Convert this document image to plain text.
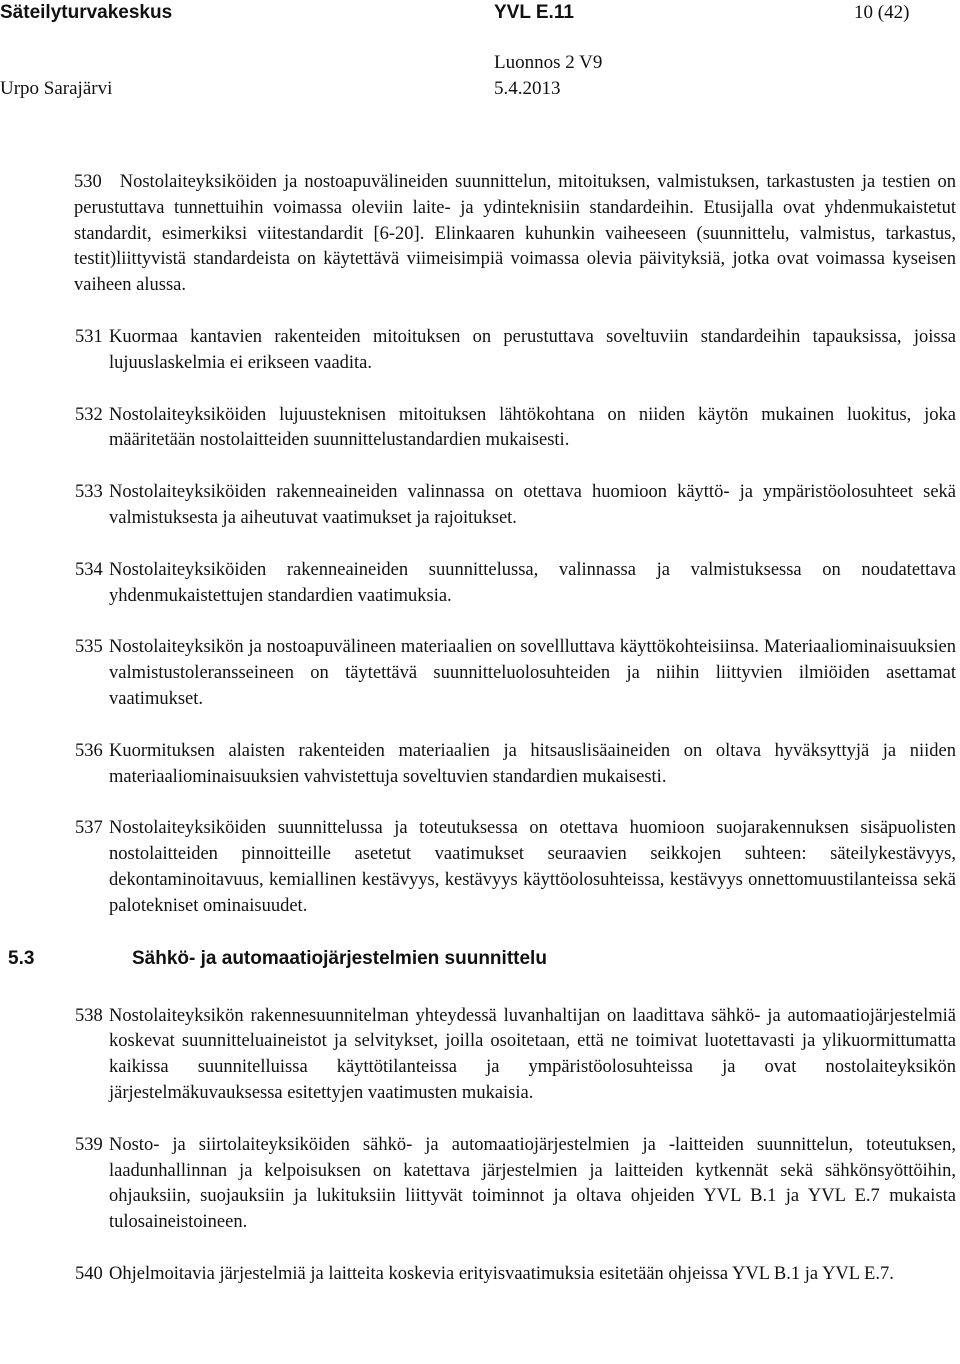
Säteilyturvakeskus	YVL E.11	10 (42)
Luonnos 2 V9
Urpo Sarajärvi	5.4.2013
530 Nostolaiteyksiköiden ja nostoapuvälineiden suunnittelun, mitoituksen, valmistuksen, tarkastusten ja testien on perustuttava tunnettuihin voimassa oleviin laite- ja ydinteknisiin standardeihin. Etusijalla ovat yhdenmukaistetut standardit, esimerkiksi viitestandardit [6-20]. Elinkaaren kuhunkin vaiheeseen (suunnittelu, valmistus, tarkastus, testit)liittyvistä standardeista on käytettävä viimeisimpiä voimassa olevia päivityksiä, jotka ovat voimassa kyseisen vaiheen alussa.
531 Kuormaa kantavien rakenteiden mitoituksen on perustuttava soveltuviin standardeihin tapauksissa, joissa lujuuslaskelmia ei erikseen vaadita.
532 Nostolaiteyksiköiden lujuusteknisen mitoituksen lähtökohtana on niiden käytön mukainen luokitus, joka määritetään nostolaitteiden suunnittelustandardien mukaisesti.
533 Nostolaiteyksiköiden rakenneaineiden valinnassa on otettava huomioon käyttö- ja ympäristöolosuhteet sekä valmistuksesta ja aiheutuvat vaatimukset ja rajoitukset.
534 Nostolaiteyksiköiden rakenneaineiden suunnittelussa, valinnassa ja valmistuksessa on noudatettava yhdenmukaistettujen standardien vaatimuksia.
535 Nostolaiteyksikön ja nostoapuvälineen materiaalien on sovellluttava käyttökohteisiinsa. Materiaaliominaisuuksien valmistustoleransseineen on täytettävä suunnitteluolosuhteiden ja niihin liittyvien ilmiöiden asettamat vaatimukset.
536 Kuormituksen alaisten rakenteiden materiaalien ja hitsauslisäaineiden on oltava hyväksyttyjä ja niiden materiaaliominaisuuksien vahvistettuja soveltuvien standardien mukaisesti.
537 Nostolaiteyksiköiden suunnittelussa ja toteutuksessa on otettava huomioon suojarakennuksen sisäpuolisten nostolaitteiden pinnoitteille asetetut vaatimukset seuraavien seikkojen suhteen: säteilykestävyys, dekontaminoitavuus, kemiallinen kestävyys, kestävyys käyttöolosuhteissa, kestävyys onnettomuustilanteissa sekä palotekniset ominaisuudet.
5.3	Sähkö- ja automaatiojärjestelmien suunnittelu
538 Nostolaiteyksikön rakennesuunnitelman yhteydessä luvanhaltijan on laadittava sähkö- ja automaatiojärjestelmiä koskevat suunnitteluaineistot ja selvitykset, joilla osoitetaan, että ne toimivat luotettavasti ja ylikuormittumatta kaikissa suunnitelluissa käyttötilanteissa ja ympäristöolosuhteissa ja ovat nostolaiteyksikön järjestelmäkuvauksessa esitettyjen vaatimusten mukaisia.
539 Nosto- ja siirtolaiteyksiköiden sähkö- ja automaatiojärjestelmien ja -laitteiden suunnittelun, toteutuksen, laadunhallinnan ja kelpoisuksen on katettava järjestelmien ja laitteiden kytkennät sekä sähkönsyöttöihin, ohjauksiin, suojauksiin ja lukituksiin liittyvät toiminnot ja oltava ohjeiden YVL B.1 ja YVL E.7 mukaista tulosaineistoineen.
540 Ohjelmoitavia järjestelmiä ja laitteita koskevia erityisvaatimuksia esitetään ohjeissa YVL B.1 ja YVL E.7.
